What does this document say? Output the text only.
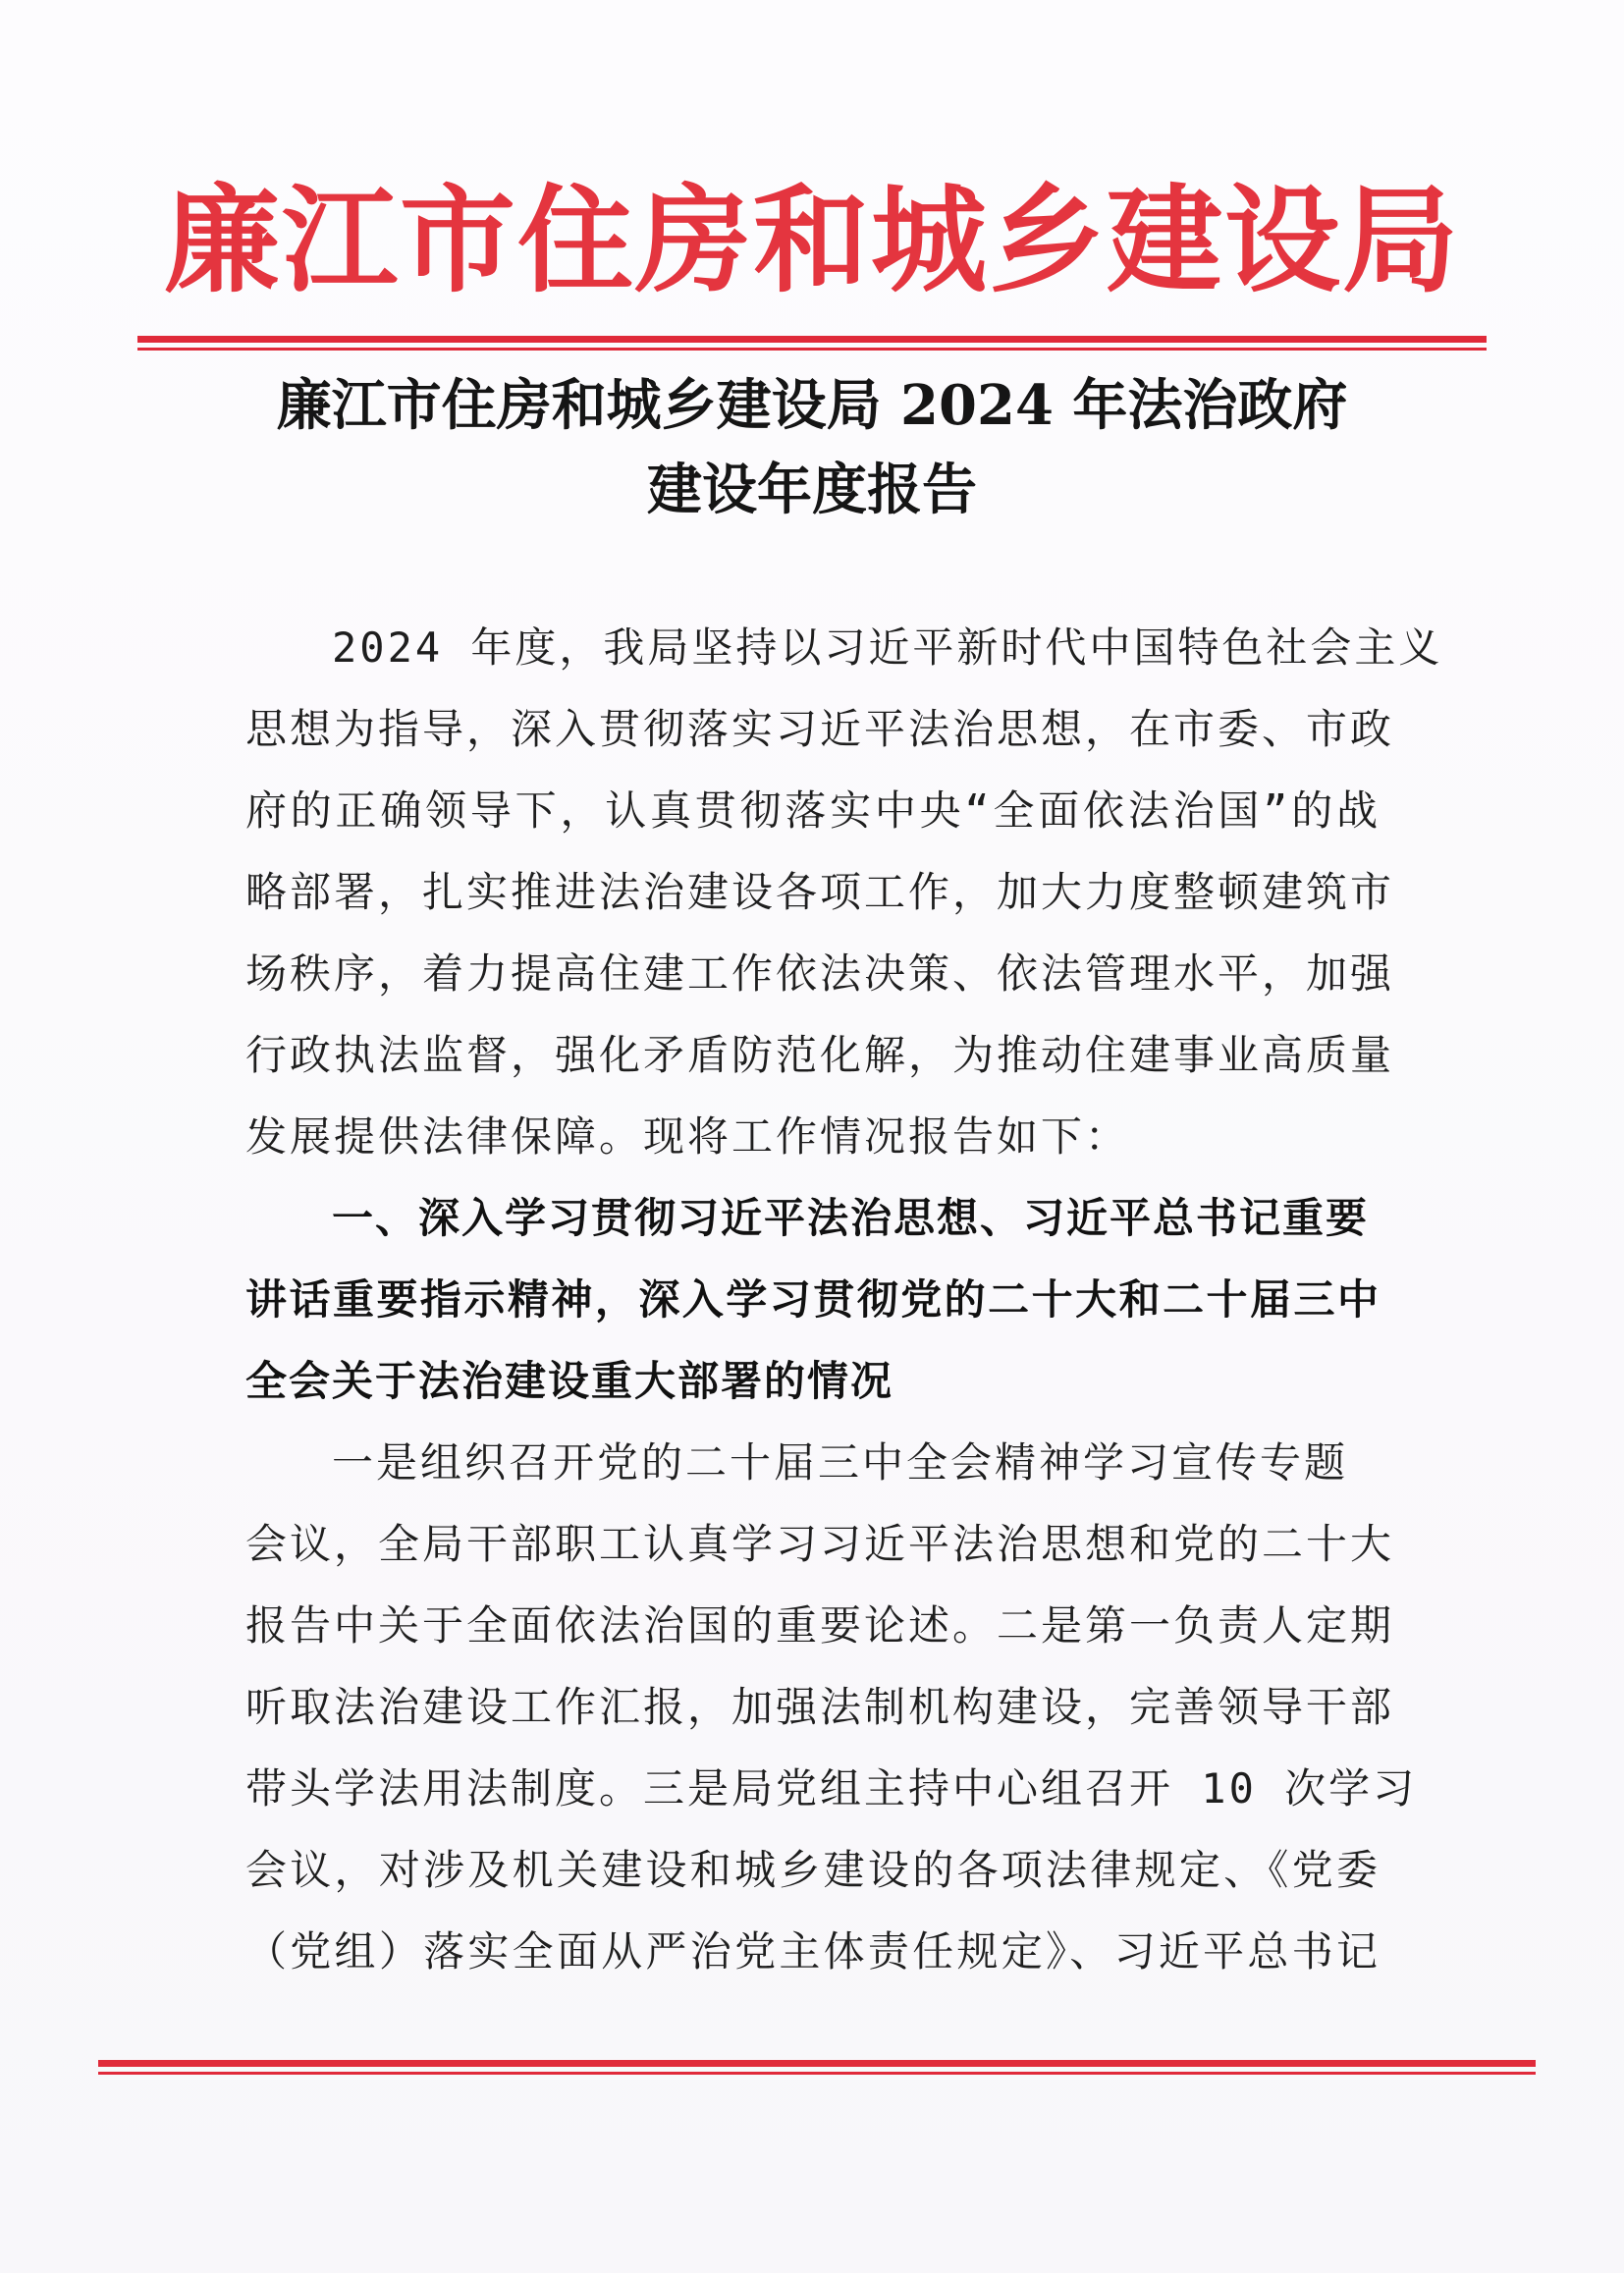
廉江市住房和城乡建设局
廉江市住房和城乡建设局 2024 年法治政府
建设年度报告
2024 年度，我局坚持以习近平新时代中国特色社会主义
思想为指导，深入贯彻落实习近平法治思想，在市委、市政
府的正确领导下，认真贯彻落实中央“全面依法治国”的战
略部署，扎实推进法治建设各项工作，加大力度整顿建筑市
场秩序，着力提高住建工作依法决策、依法管理水平，加强
行政执法监督，强化矛盾防范化解，为推动住建事业高质量
发展提供法律保障。现将工作情况报告如下：
一、深入学习贯彻习近平法治思想、习近平总书记重要
讲话重要指示精神，深入学习贯彻党的二十大和二十届三中
全会关于法治建设重大部署的情况
一是组织召开党的二十届三中全会精神学习宣传专题
会议，全局干部职工认真学习习近平法治思想和党的二十大
报告中关于全面依法治国的重要论述。二是第一负责人定期
听取法治建设工作汇报，加强法制机构建设，完善领导干部
带头学法用法制度。三是局党组主持中心组召开 10 次学习
会议，对涉及机关建设和城乡建设的各项法律规定、《党委
（党组）落实全面从严治党主体责任规定》、习近平总书记
